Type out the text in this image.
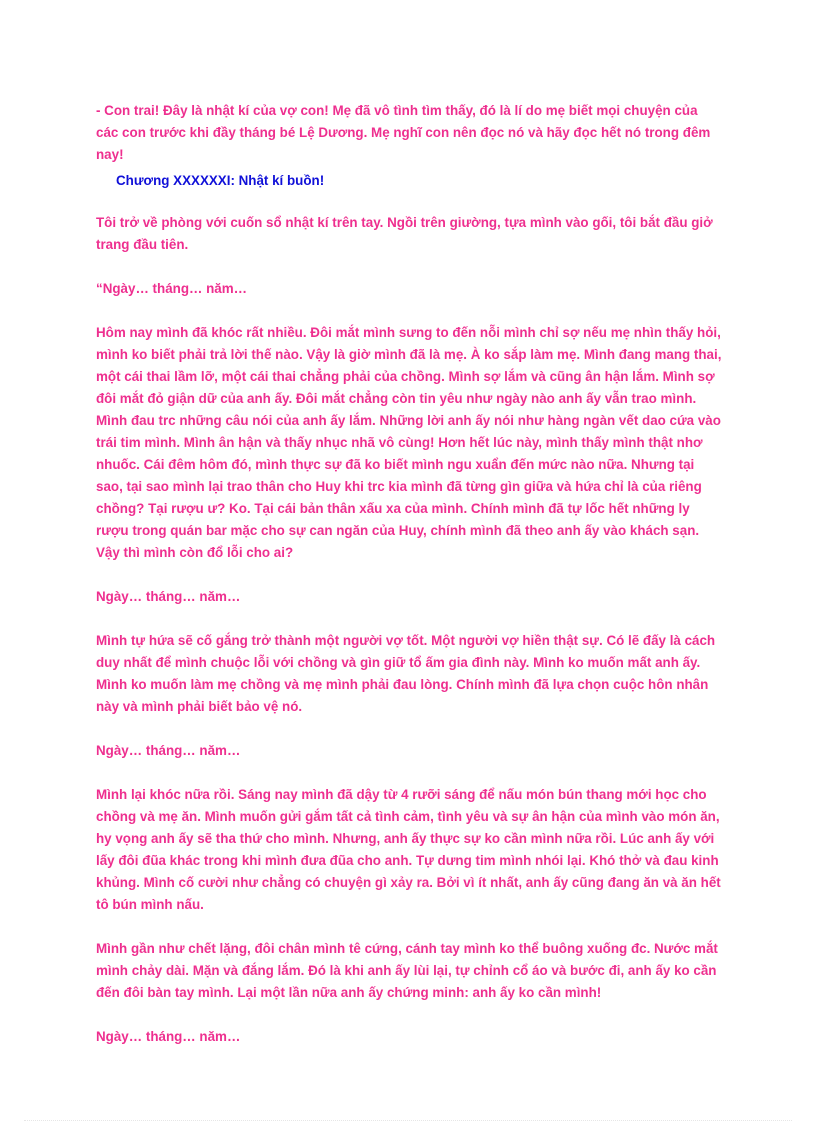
- Con trai! Đây là nhật kí của vợ con! Mẹ đã vô tình tìm thấy, đó là lí do mẹ biết mọi chuyện của các con trước khi đầy tháng bé Lệ Dương. Mẹ nghĩ con nên đọc nó và hãy đọc hết nó trong đêm nay!

Chương XXXXXXI: Nhật kí buồn!

Tôi trở về phòng với cuốn sổ nhật kí trên tay. Ngồi trên giường, tựa mình vào gối, tôi bắt đầu giở trang đầu tiên.

“Ngày… tháng… năm…

Hôm nay mình đã khóc rất nhiều. Đôi mắt mình sưng to đến nỗi mình chỉ sợ nếu mẹ nhìn thấy hỏi, mình ko biết phải trả lời thế nào. Vậy là giờ mình đã là mẹ. À ko sắp làm mẹ. Mình đang mang thai, một cái thai lầm lỡ, một cái thai chẳng phải của chồng. Mình sợ lắm và cũng ân hận lắm. Mình sợ đôi mắt đỏ giận dữ của anh ấy. Đôi mắt chẳng còn tin yêu như ngày nào anh ấy vẫn trao mình. Mình đau trc những câu nói của anh ấy lắm. Những lời anh ấy nói như hàng ngàn vết dao cứa vào trái tim mình. Mình ân hận và thấy nhục nhã vô cùng! Hơn hết lúc này, mình thấy mình thật nhơ nhuốc. Cái đêm hôm đó, mình thực sự đã ko biết mình ngu xuẩn đến mức nào nữa. Nhưng tại sao, tại sao mình lại trao thân cho Huy khi trc kia mình đã từng gìn giữa và hứa chỉ là của riêng chồng? Tại rượu ư? Ko. Tại cái bản thân xấu xa của mình. Chính mình đã tự lốc hết những ly rượu trong quán bar mặc cho sự can ngăn của Huy, chính mình đã theo anh ấy vào khách sạn. Vậy thì mình còn đổ lỗi cho ai?

Ngày… tháng… năm…

Mình tự hứa sẽ cố gắng trở thành một người vợ tốt. Một người vợ hiền thật sự. Có lẽ đấy là cách duy nhất để mình chuộc lỗi với chồng và gìn giữ tổ ấm gia đình này. Mình ko muốn mất anh ấy. Mình ko muốn làm mẹ chồng và mẹ mình phải đau lòng. Chính mình đã lựa chọn cuộc hôn nhân này và mình phải biết bảo vệ nó.

Ngày… tháng… năm…

Mình lại khóc nữa rồi. Sáng nay mình đã dậy từ 4 rưỡi sáng để nấu món bún thang mới học cho chồng và mẹ ăn. Mình muốn gửi gắm tất cả tình cảm, tình yêu và sự ân hận của mình vào món ăn, hy vọng anh ấy sẽ tha thứ cho mình. Nhưng, anh ấy thực sự ko cần mình nữa rồi. Lúc anh ấy với lấy đôi đũa khác trong khi mình đưa đũa cho anh. Tự dưng tim mình nhói lại. Khó thở và đau kinh khủng. Mình cố cười như chẳng có chuyện gì xảy ra. Bởi vì ít nhất, anh ấy cũng đang ăn và ăn hết tô bún mình nấu.

Mình gần như chết lặng, đôi chân mình tê cứng, cánh tay mình ko thể buông xuống đc. Nước mắt mình chảy dài. Mặn và đắng lắm. Đó là khi anh ấy lùi lại, tự chỉnh cổ áo và bước đi, anh ấy ko cần đến đôi bàn tay mình. Lại một lần nữa anh ấy chứng minh: anh ấy ko cần mình!

Ngày… tháng… năm…
